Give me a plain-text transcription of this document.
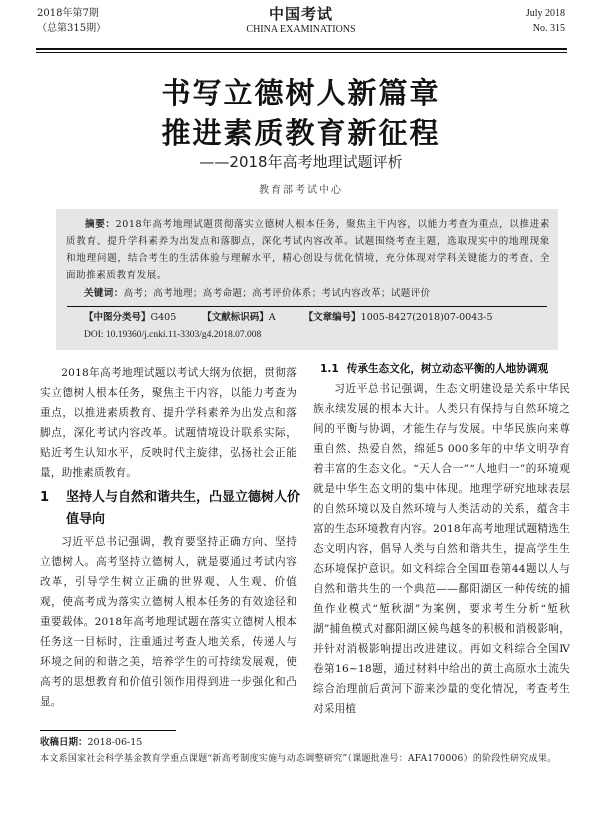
2018年第7期
（总第315期）
中国考试
CHINA EXAMINATIONS
July 2018
No. 315
书写立德树人新篇章
推进素质教育新征程
——2018年高考地理试题评析
教育部考试中心
摘要：2018年高考地理试题贯彻落实立德树人根本任务，聚焦主干内容，以能力考查为重点，以推进素质教育、提升学科素养为出发点和落脚点，深化考试内容改革。试题围绕考查主题，选取现实中的地理现象和地理问题，结合考生的生活体验与理解水平，精心创设与优化情境，充分体现对学科关键能力的考查，全面助推素质教育发展。
关键词：高考；高考地理；高考命题；高考评价体系；考试内容改革；试题评价
【中图分类号】G405	【文献标识码】A	【文章编号】1005-8427(2018)07-0043-5
DOI: 10.19360/j.cnki.11-3303/g4.2018.07.008

2018年高考地理试题以考试大纲为依据，贯彻落实立德树人根本任务，聚焦主干内容，以能力考查为重点，以推进素质教育、提升学科素养为出发点和落脚点，深化考试内容改革。试题情境设计联系实际，贴近考生认知水平，反映时代主旋律，弘扬社会正能量，助推素质教育。

1	坚持人与自然和谐共生，凸显立德树人价值导向

习近平总书记强调，教育要坚持正确方向、坚持立德树人。高考坚持立德树人，就是要通过考试内容改革，引导学生树立正确的世界观、人生观、价值观，使高考成为落实立德树人根本任务的有效途径和重要载体。2018年高考地理试题在落实立德树人根本任务这一目标时，注重通过考查人地关系，传递人与环境之间的和谐之美，培养学生的可持续发展观，使高考的思想教育和价值引领作用得到进一步强化和凸显。

1.1 传承生态文化，树立动态平衡的人地协调观

习近平总书记强调，生态文明建设是关系中华民族永续发展的根本大计。人类只有保持与自然环境之间的平衡与协调，才能生存与发展。中华民族向来尊重自然、热爱自然，绵延5 000多年的中华文明孕育着丰富的生态文化。“天人合一”“人地归一”的环境观就是中华生态文明的集中体现。地理学研究地球表层的自然环境以及自然环境与人类活动的关系，蕴含丰富的生态环境教育内容。2018年高考地理试题精选生态文明内容，倡导人类与自然和谐共生，提高学生生态环境保护意识。如文科综合全国Ⅲ卷第44题以人与自然和谐共生的一个典范——鄱阳湖区一种传统的捕鱼作业模式“堑秋湖”为案例，要求考生分析“堑秋湖”捕鱼模式对鄱阳湖区候鸟越冬的积极和消极影响，并针对消极影响提出改进建议。再如文科综合全国Ⅳ卷第16~18题，通过材料中给出的黄土高原水土流失综合治理前后黄河下游来沙量的变化情况，考查考生对采用植

收稿日期：2018-06-15
本文系国家社会科学基金教育学重点课题“新高考制度实施与动态调整研究”（课题批准号：AFA170006）的阶段性研究成果。
